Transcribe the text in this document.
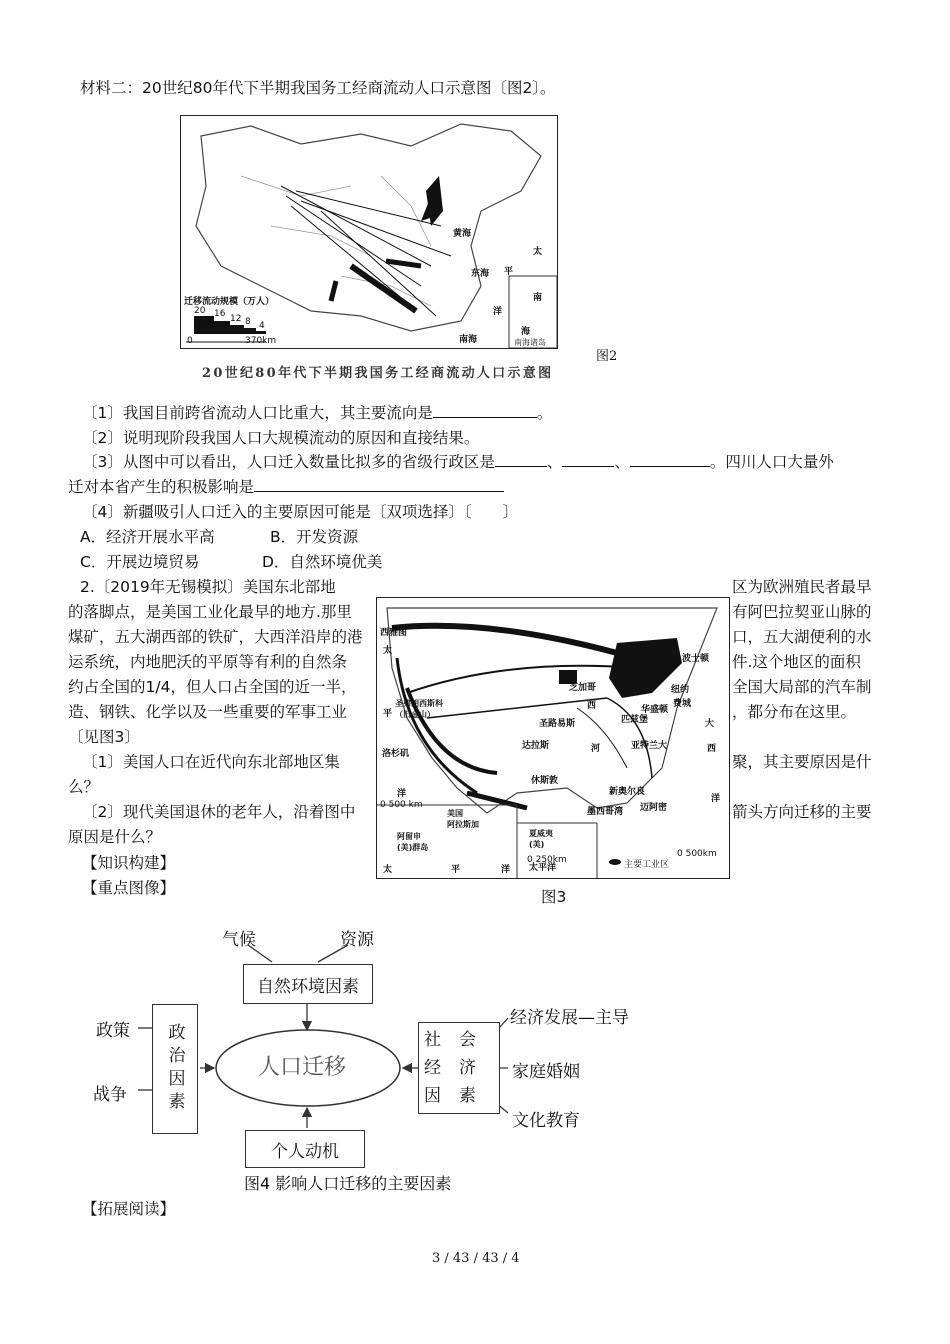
材料二：20世纪80年代下半期我国务工经商流动人口示意图〔图2〕。
黄海
东海
南海
太
平
洋
南
海
南海诸岛
迁移流动规模（万人）
20 16 12 8 4
0	370km
图2
20世纪80年代下半期我国务工经商流动人口示意图
〔1〕我国目前跨省流动人口比重大，其主要流向是	。
〔2〕说明现阶段我国人口大规模流动的原因和直接结果。
〔3〕从图中可以看出，人口迁入数量比拟多的省级行政区是	、	、	。四川人口大量外
迁对本省产生的积极影响是
〔4〕新疆吸引人口迁入的主要原因可能是〔双项选择〕〔　　〕
A．经济开展水平高	B．开发资源
C．开展边境贸易	D．自然环境优美
2.〔2019年无锡模拟〕美国东北部地	区为欧洲殖民者最早
的落脚点，是美国工业化最早的地方.那里	有阿巴拉契亚山脉的
煤矿，五大湖西部的铁矿，大西洋沿岸的港	口，五大湖便利的水
运系统，内地肥沃的平原等有利的自然条	件.这个地区的面积
约占全国的1/4，但人口占全国的近一半，	全国大局部的汽车制
造、钢铁、化学以及一些重要的军事工业	，都分布在这里。
〔见图3〕
〔1〕美国人口在近代向东北部地区集	聚，其主要原因是什
么？
〔2〕现代美国退休的老年人，沿着图中	箭头方向迁移的主要
原因是什么？
【知识构建】
【重点图像】
西雅图
太
圣弗朗西斯科
（旧金山）
平
洛杉矶
洋
芝加哥
波士顿
纽约
费城
华盛顿
匹兹堡	大
西
洋
达拉斯
休斯敦
新奥尔良
迈阿密
墨西哥湾
亚特兰大
圣路易斯
西
河
0 500 km
美国
阿拉斯加
阿留申
(美)群岛
夏威夷
(美)
0 250km	主要工业区
0 500km
太	平	洋 太平洋
图3
气候	资源
自然环境因素
政策
战争	政治因素	人口迁移
社会经济因素
经济发展—主导
家庭婚姻
文化教育
个人动机
图4 影响人口迁移的主要因素
【拓展阅读】
3 / 43 / 43 / 4
